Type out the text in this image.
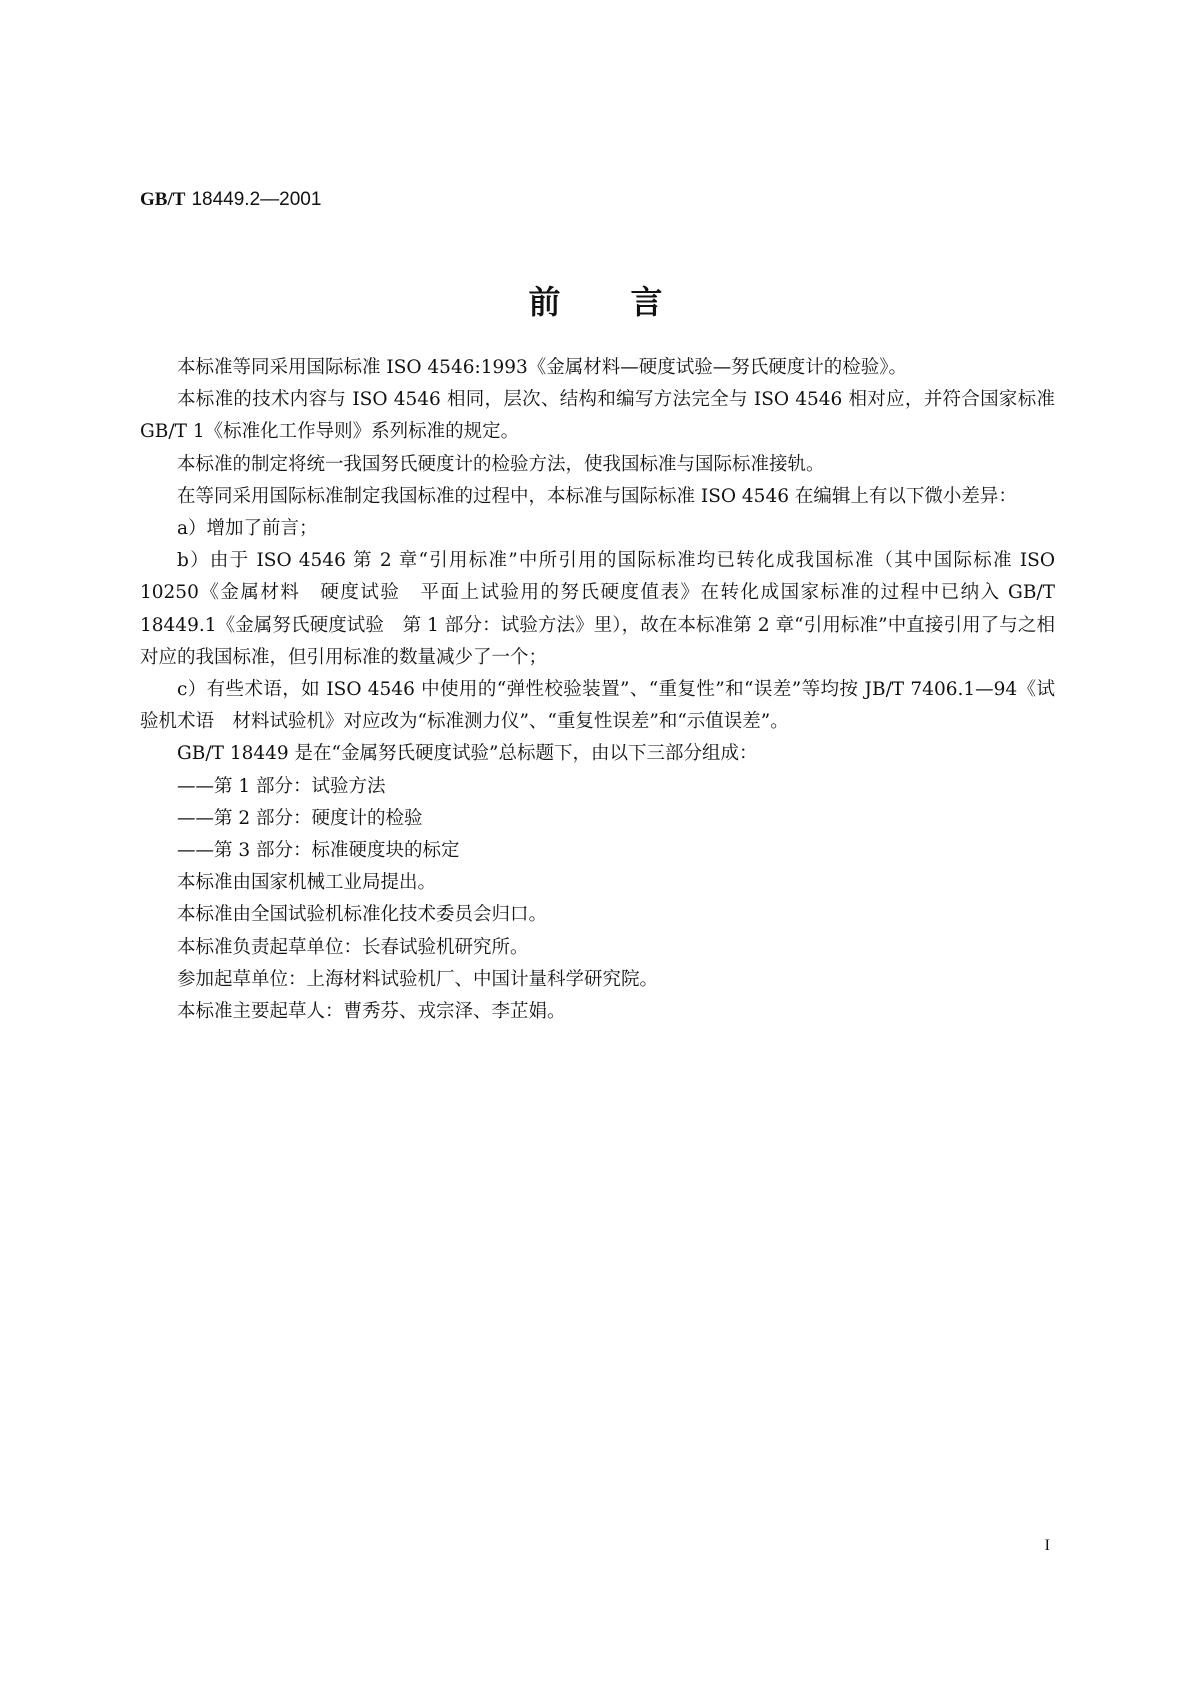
GB/T 18449.2—2001
前言

本标准等同采用国际标准 ISO 4546:1993《金属材料—硬度试验—努氏硬度计的检验》。

本标准的技术内容与 ISO 4546 相同，层次、结构和编写方法完全与 ISO 4546 相对应，并符合国家标准 GB/T 1《标准化工作导则》系列标准的规定。

本标准的制定将统一我国努氏硬度计的检验方法，使我国标准与国际标准接轨。

在等同采用国际标准制定我国标准的过程中，本标准与国际标准 ISO 4546 在编辑上有以下微小差异：

a）增加了前言；

b）由于 ISO 4546 第 2 章“引用标准”中所引用的国际标准均已转化成我国标准（其中国际标准 ISO 10250《金属材料　硬度试验　平面上试验用的努氏硬度值表》在转化成国家标准的过程中已纳入 GB/T 18449.1《金属努氏硬度试验　第 1 部分：试验方法》里），故在本标准第 2 章“引用标准”中直接引用了与之相对应的我国标准，但引用标准的数量减少了一个；

c）有些术语，如 ISO 4546 中使用的“弹性校验装置”、“重复性”和“误差”等均按 JB/T 7406.1—94《试验机术语　材料试验机》对应改为“标准测力仪”、“重复性误差”和“示值误差”。

GB/T 18449 是在“金属努氏硬度试验”总标题下，由以下三部分组成：

——第 1 部分：试验方法

——第 2 部分：硬度计的检验

——第 3 部分：标准硬度块的标定

本标准由国家机械工业局提出。

本标准由全国试验机标准化技术委员会归口。

本标准负责起草单位：长春试验机研究所。

参加起草单位：上海材料试验机厂、中国计量科学研究院。

本标准主要起草人：曹秀芬、戎宗泽、李芷娟。

I
